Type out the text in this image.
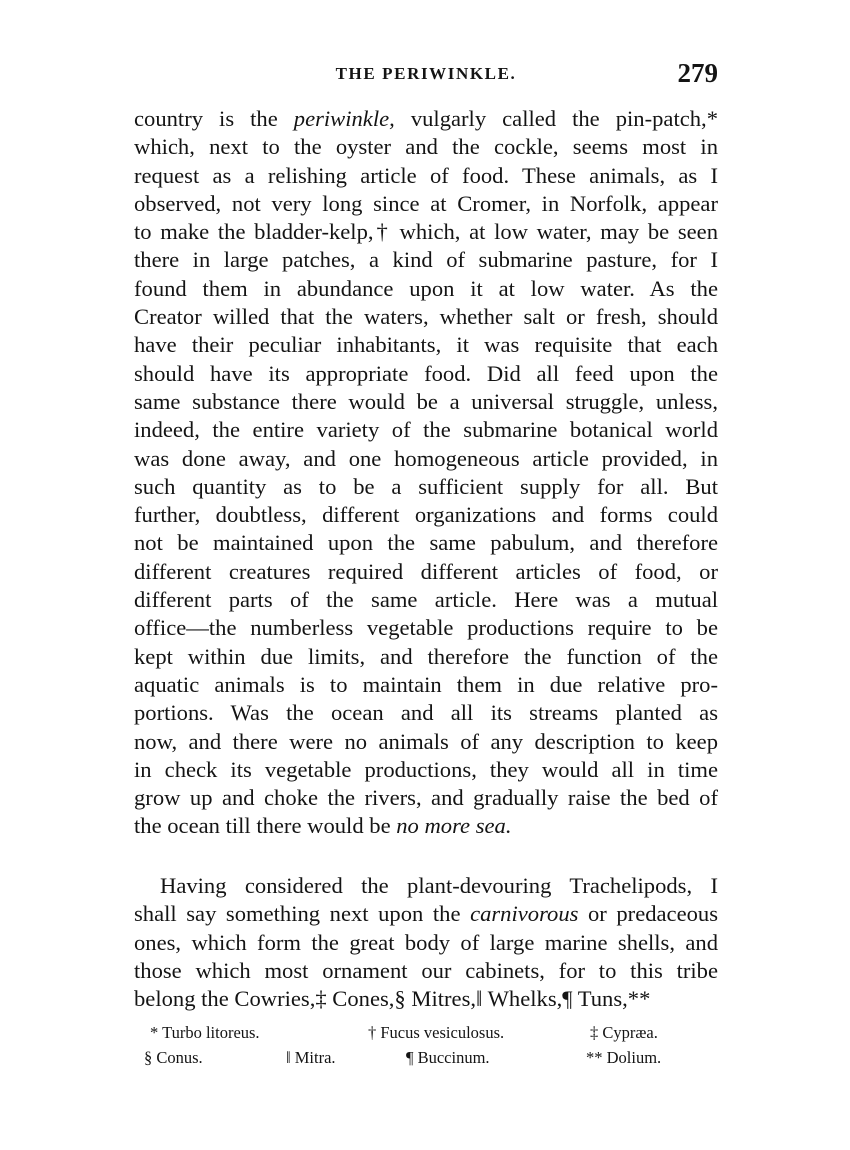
THE PERIWINKLE.	279
country is the periwinkle, vulgarly called the pin-patch,*
which, next to the oyster and the cockle, seems most in
request as a relishing article of food. These animals, as I
observed, not very long since at Cromer, in Norfolk, appear
to make the bladder-kelp,† which, at low water, may be seen
there in large patches, a kind of submarine pasture, for I
found them in abundance upon it at low water. As the
Creator willed that the waters, whether salt or fresh, should
have their peculiar inhabitants, it was requisite that each
should have its appropriate food. Did all feed upon the
same substance there would be a universal struggle, unless,
indeed, the entire variety of the submarine botanical world
was done away, and one homogeneous article provided, in
such quantity as to be a sufficient supply for all. But
further, doubtless, different organizations and forms could
not be maintained upon the same pabulum, and therefore
different creatures required different articles of food, or
different parts of the same article. Here was a mutual
office—the numberless vegetable productions require to be
kept within due limits, and therefore the function of the
aquatic animals is to maintain them in due relative pro-
portions. Was the ocean and all its streams planted as
now, and there were no animals of any description to keep
in check its vegetable productions, they would all in time
grow up and choke the rivers, and gradually raise the bed of
the ocean till there would be no more sea.
Having considered the plant-devouring Trachelipods, I
shall say something next upon the carnivorous or predaceous
ones, which form the great body of large marine shells, and
those which most ornament our cabinets, for to this tribe
belong the Cowries,‡ Cones,§ Mitres,‖ Whelks,¶ Tuns,**
* Turbo litoreus.	† Fucus vesiculosus.	‡ Cypræa.
§ Conus.	‖ Mitra.	¶ Buccinum.	** Dolium.
